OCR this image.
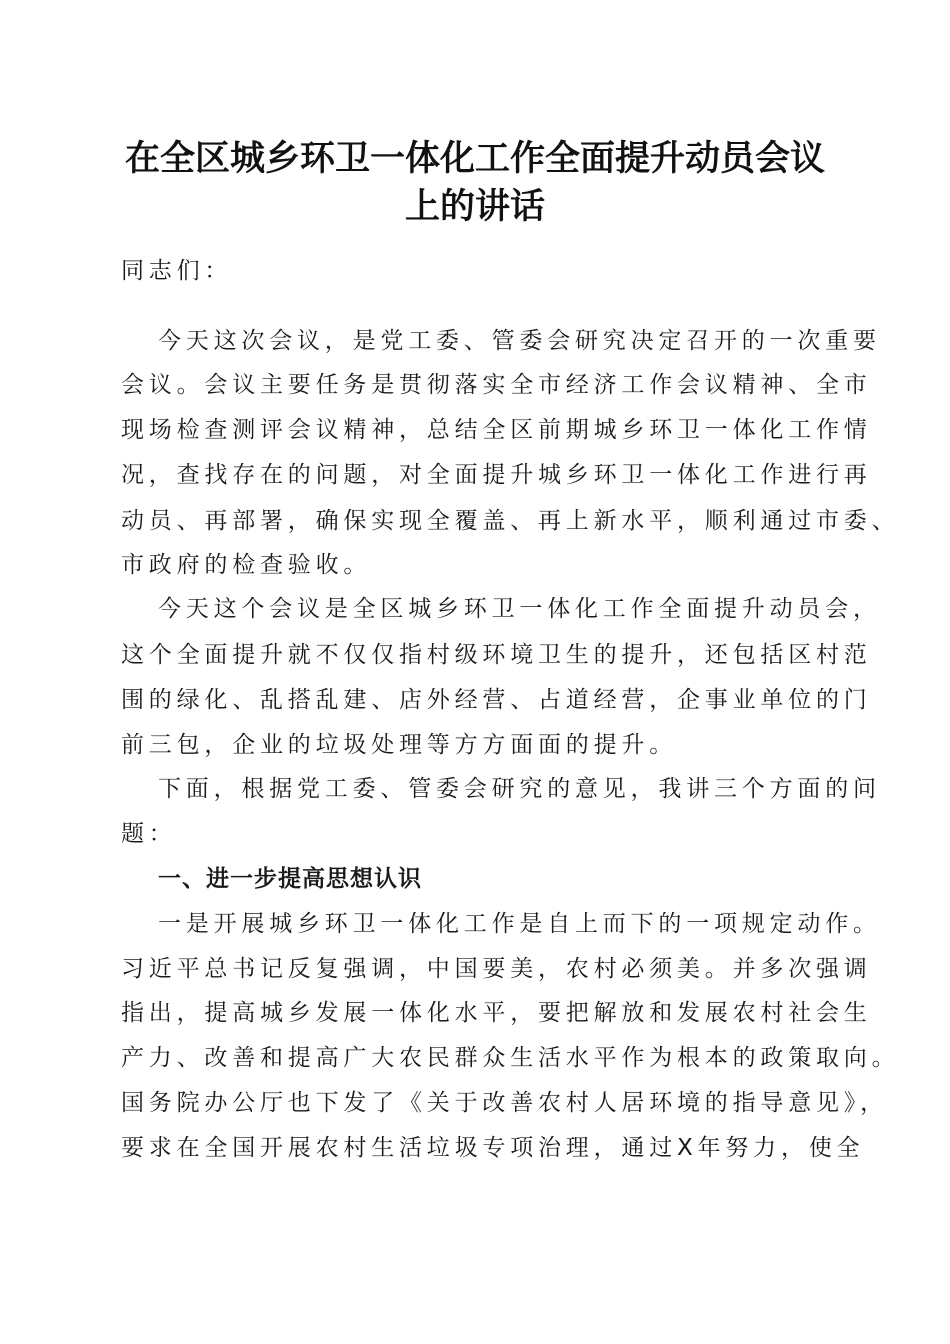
在全区城乡环卫一体化工作全面提升动员会议
上的讲话
同志们：
今天这次会议，是党工委、管委会研究决定召开的一次重要
会议。会议主要任务是贯彻落实全市经济工作会议精神、全市
现场检查测评会议精神，总结全区前期城乡环卫一体化工作情
况，查找存在的问题，对全面提升城乡环卫一体化工作进行再
动员、再部署，确保实现全覆盖、再上新水平，顺利通过市委、
市政府的检查验收。
今天这个会议是全区城乡环卫一体化工作全面提升动员会，
这个全面提升就不仅仅指村级环境卫生的提升，还包括区村范
围的绿化、乱搭乱建、店外经营、占道经营，企事业单位的门
前三包，企业的垃圾处理等方方面面的提升。
下面，根据党工委、管委会研究的意见，我讲三个方面的问
题：
一、进一步提高思想认识
一是开展城乡环卫一体化工作是自上而下的一项规定动作。
习近平总书记反复强调，中国要美，农村必须美。并多次强调
指出，提高城乡发展一体化水平，要把解放和发展农村社会生
产力、改善和提高广大农民群众生活水平作为根本的政策取向。
国务院办公厅也下发了《关于改善农村人居环境的指导意见》，
要求在全国开展农村生活垃圾专项治理，通过X年努力，使全
